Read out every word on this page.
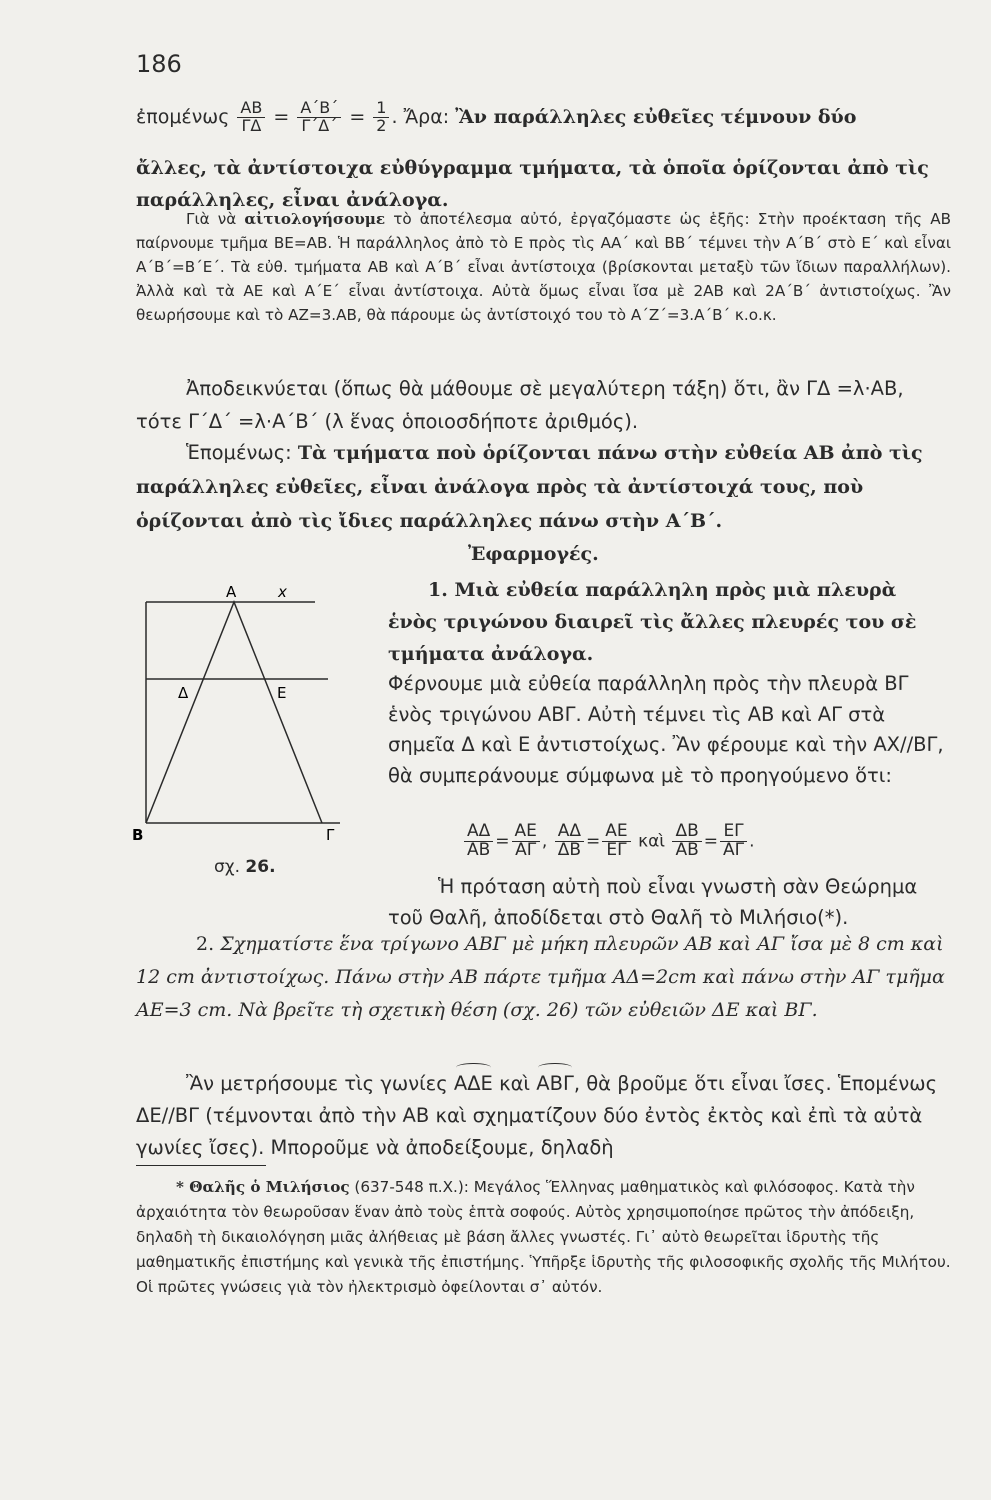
186
ἐπομένως $\frac{AB}{\Gamma\Delta} = \frac{A΄B΄}{\Gamma΄\Delta΄} = \frac{1}{2}$ . Ἄρα: Ἂν παράλληλες εὐθεῖες τέμνουν δύο
ἄλλες, τὰ ἀντίστοιχα εὐθύγραμμα τμήματα, τὰ ὁποῖα ὁρίζονται ἀπὸ τὶς παράλληλες, εἶναι ἀνάλογα.
Γιὰ νὰ αἰτιολογήσουμε τὸ ἀποτέλεσμα αὐτό, ἐργαζόμαστε ὡς ἑξῆς: Στὴν προέκταση τῆς ΑΒ παίρνουμε τμῆμα ΒΕ=ΑΒ. Ἡ παράλληλος ἀπὸ τὸ Ε πρὸς τὶς ΑΑ΄ καὶ ΒΒ΄ τέμνει τὴν Α΄Β΄ στὸ Ε΄ καὶ εἶναι Α΄Β΄=Β΄Ε΄. Τὰ εὐθ. τμήματα ΑΒ καὶ Α΄Β΄ εἶναι ἀντίστοιχα (βρίσκονται μεταξὺ τῶν ἴδιων παραλλήλων). Ἀλλὰ καὶ τὰ ΑΕ καὶ Α΄Ε΄ εἶναι ἀντίστοιχα. Αὐτὰ ὅμως εἶναι ἴσα μὲ 2ΑΒ καὶ 2Α΄Β΄ ἀντιστοίχως. Ἂν θεωρήσουμε καὶ τὸ ΑΖ=3.ΑΒ, θὰ πάρουμε ὡς ἀντίστοιχό του τὸ Α΄Ζ΄=3.Α΄Β΄ κ.ο.κ.
Ἀποδεικνύεται (ὅπως θὰ μάθουμε σὲ μεγαλύτερη τάξη) ὅτι, ἂν ΓΔ =λ·ΑΒ, τότε Γ΄Δ΄ =λ·Α΄Β΄ (λ ἕνας ὁποιοσδήποτε ἀριθμός).
Ἑπομένως: Τὰ τμήματα ποὺ ὁρίζονται πάνω στὴν εὐθεία ΑΒ ἀπὸ τὶς παράλληλες εὐθεῖες, εἶναι ἀνάλογα πρὸς τὰ ἀντίστοιχά τους, ποὺ ὁρίζονται ἀπὸ τὶς ἴδιες παράλληλες πάνω στὴν Α΄Β΄.
Ἐφαρμογές.
1. Μιὰ εὐθεία παράλληλη πρὸς μιὰ πλευρὰ ἑνὸς τριγώνου διαιρεῖ τὶς ἄλλες πλευρές του σὲ τμήματα ἀνάλογα.
Φέρνουμε μιὰ εὐθεία παράλληλη πρὸς τὴν πλευρὰ ΒΓ ἑνὸς τριγώνου ΑΒΓ. Αὐτὴ τέμνει τὶς ΑΒ καὶ ΑΓ στὰ σημεῖα Δ καὶ Ε ἀντιστοίχως. Ἂν φέρουμε καὶ τὴν ΑΧ//ΒΓ, θὰ συμπεράνουμε σύμφωνα μὲ τὸ προηγούμενο ὅτι:
$\frac{A\Delta}{AB} = \frac{AE}{A\Gamma}$ , $\frac{A\Delta}{\Delta B} = \frac{AE}{E\Gamma}$ καὶ $\frac{\Delta B}{AB} = \frac{E\Gamma}{A\Gamma}$ .
Ἡ πρόταση αὐτὴ ποὺ εἶναι γνωστὴ σὰν Θεώρημα τοῦ Θαλῆ, ἀποδίδεται στὸ Θαλῆ τὸ Μιλήσιο(*).
Α	x
Δ	Ε
Β	Γ
σχ. 26.
2. Σχηματίστε ἕνα τρίγωνο ΑΒΓ μὲ μήκη πλευρῶν ΑΒ καὶ ΑΓ ἴσα μὲ 8 cm καὶ 12 cm ἀντιστοίχως. Πάνω στὴν ΑΒ πάρτε τμῆμα ΑΔ=2cm καὶ πάνω στὴν ΑΓ τμῆμα ΑΕ=3 cm. Νὰ βρεῖτε τὴ σχετικὴ θέση (σχ. 26) τῶν εὐθειῶν ΔΕ καὶ ΒΓ.
Ἂν μετρήσουμε τὶς γωνίες ΑΔΕ καὶ ΑΒΓ, θὰ βροῦμε ὅτι εἶναι ἴσες. Ἑπομένως ΔΕ//ΒΓ (τέμνονται ἀπὸ τὴν ΑΒ καὶ σχηματίζουν δύο ἐντὸς ἐκτὸς καὶ ἐπὶ τὰ αὐτὰ γωνίες ἴσες). Μποροῦμε νὰ ἀποδείξουμε, δηλαδὴ
* Θαλῆς ὁ Μιλήσιος (637-548 π.Χ.): Μεγάλος Ἕλληνας μαθηματικὸς καὶ φιλόσοφος. Κατὰ τὴν ἀρχαιότητα τὸν θεωροῦσαν ἕναν ἀπὸ τοὺς ἑπτὰ σοφούς. Αὐτὸς χρησιμοποίησε πρῶτος τὴν ἀπόδειξη, δηλαδὴ τὴ δικαιολόγηση μιᾶς ἀλήθειας μὲ βάση ἄλλες γνωστές. Γι᾽ αὐτὸ θεωρεῖται ἱδρυτὴς τῆς μαθηματικῆς ἐπιστήμης καὶ γενικὰ τῆς ἐπιστήμης. Ὑπῆρξε ἱδρυτὴς τῆς φιλοσοφικῆς σχολῆς τῆς Μιλήτου. Οἱ πρῶτες γνώσεις γιὰ τὸν ἠλεκτρισμὸ ὀφείλονται σ᾽ αὐτόν.
